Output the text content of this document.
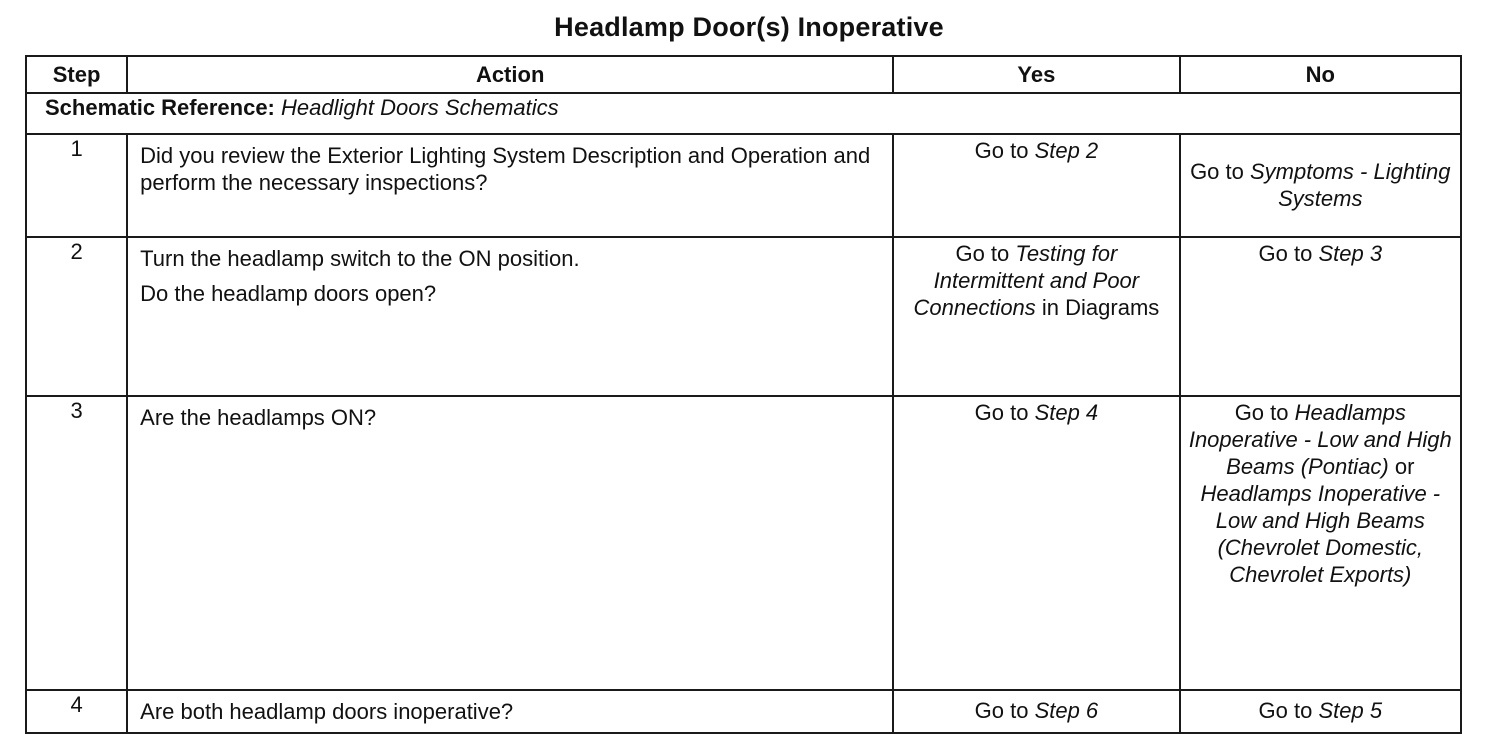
Headlamp Door(s) Inoperative
Step	Action	Yes	No
Schematic Reference: Headlight Doors Schematics			
1	Did you review the Exterior Lighting System Description and Operation and perform the necessary inspections?	Go to Step 2	Go to Symptoms - Lighting Systems
2	Turn the headlamp switch to the ON position.

Do the headlamp doors open?	Go to Testing for Intermittent and Poor Connections in Diagrams	Go to Step 3
3	Are the headlamps ON?	Go to Step 4	Go to Headlamps Inoperative - Low and High Beams (Pontiac) or Headlamps Inoperative - Low and High Beams (Chevrolet Domestic, Chevrolet Exports)
4	Are both headlamp doors inoperative?	Go to Step 6	Go to Step 5
